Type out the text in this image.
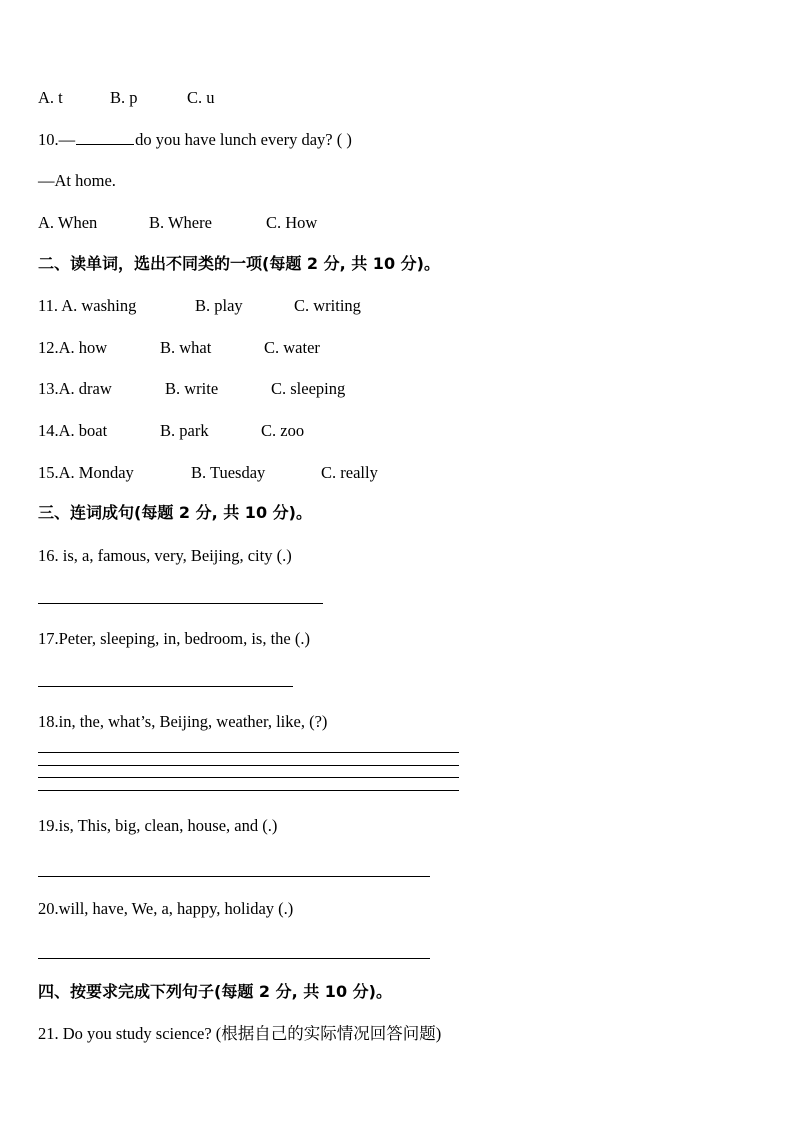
A. t	B. p	C. u
10.—	do you have lunch every day? ( )
—At home.
A. When	B. Where	C. How
二、读单词，选出不同类的一项(每题 2 分, 共 10 分)。
11. A. washing	B. play	C. writing
12.A. how	B. what	C. water
13.A. draw	B. write	C. sleeping
14.A. boat	B. park	C. zoo
15.A. Monday	B. Tuesday	C. really
三、连词成句(每题 2 分, 共 10 分)。
16. is, a, famous, very, Beijing, city (.)
17.Peter, sleeping, in, bedroom, is, the (.)
18.in, the, what’s, Beijing, weather, like, (?)
19.is, This, big, clean, house, and (.)
20.will, have, We, a, happy, holiday (.)
四、按要求完成下列句子(每题 2 分, 共 10 分)。
21. Do you study science? (根据自己的实际情况回答问题)
